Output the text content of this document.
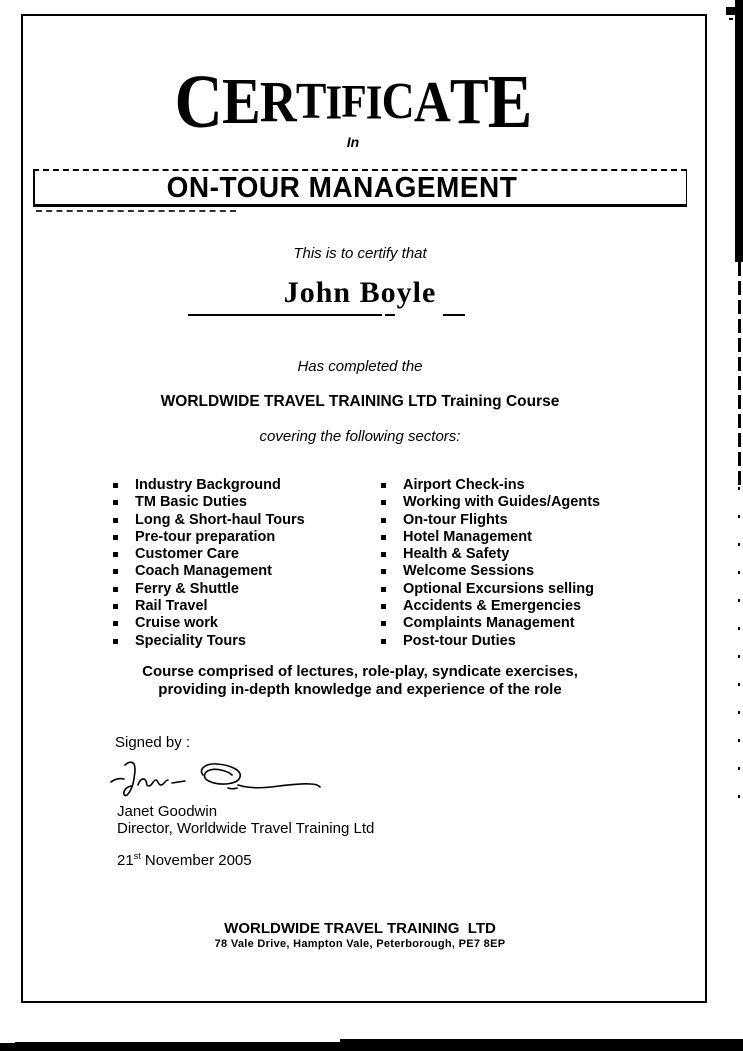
CERTIFICATE
In
ON-TOUR MANAGEMENT
This is to certify that
John Boyle
Has completed the
WORLDWIDE TRAVEL TRAINING LTD Training Course
covering the following sectors:
Industry Background
TM Basic Duties
Long & Short-haul Tours
Pre-tour preparation
Customer Care
Coach Management
Ferry & Shuttle
Rail Travel
Cruise work
Speciality Tours
Airport Check-ins
Working with Guides/Agents
On-tour Flights
Hotel Management
Health & Safety
Welcome Sessions
Optional Excursions selling
Accidents & Emergencies
Complaints Management
Post-tour Duties
Course comprised of lectures, role-play, syndicate exercises,
providing in-depth knowledge and experience of the role
Signed by :
Janet Goodwin
Director, Worldwide Travel Training Ltd
21st November 2005
WORLDWIDE TRAVEL TRAINING  LTD
78 Vale Drive, Hampton Vale, Peterborough, PE7 8EP
